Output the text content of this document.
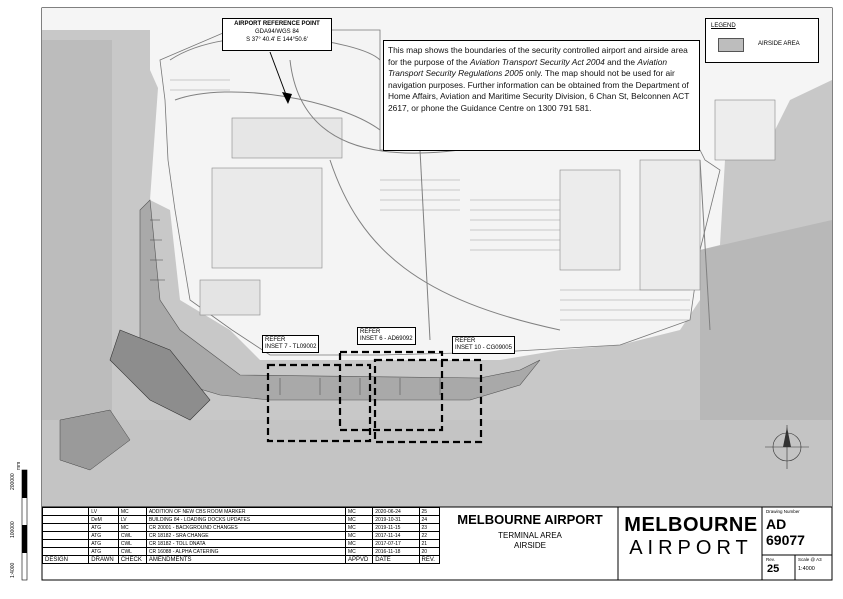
AIRPORT REFERENCE POINT
GDA94/WGS 84
S 37° 40.4' E 144°50.6'
This map shows the boundaries of the security controlled airport and airside area for the purpose of the Aviation Transport Security Act 2004 and the Aviation Transport Security Regulations 2005 only. The map should not be used for air navigation purposes. Further information can be obtained from the Department of Home Affairs, Aviation and Maritime Security Division, 6 Chan St, Belconnen ACT 2617, or phone the Guidance Centre on 1300 791 581.
LEGEND
AIRSIDE AREA
REFER
INSET 7 - TL09002
REFER
INSET 6 - AD69092	REFER
INSET 10 - CG09005
	LV	MC	ADDITION OF NEW CBS ROOM MARKER	MC	2020-06-24	25
	DeM	LV	BUILDING 84 - LOADING DOCKS UPDATES	MC	2019-10-31	24
	ATG	MC	CR 20001 - BACKGROUND CHANGES	MC	2019-11-15	23
	ATG	CWL	CR 18182 - SRA CHANGE	MC	2017-11-14	22
	ATG	CWL	CR 18182 - TOLL DNATA	MC	2017-07-17	21
	ATG	CWL	CR 16088 - ALPHA CATERING	MC	2016-11-18	20
DESIGN	DRAWN	CHECK	AMENDMENTS	APPVD	DATE	REV.
MELBOURNE AIRPORT
TERMINAL AREA
AIRSIDE
MELBOURNE
AIRPORT
Drawing Number
AD
69077
Rev.
25
Scale @ A3
1:4000
200000
100000
1:4000
mm
